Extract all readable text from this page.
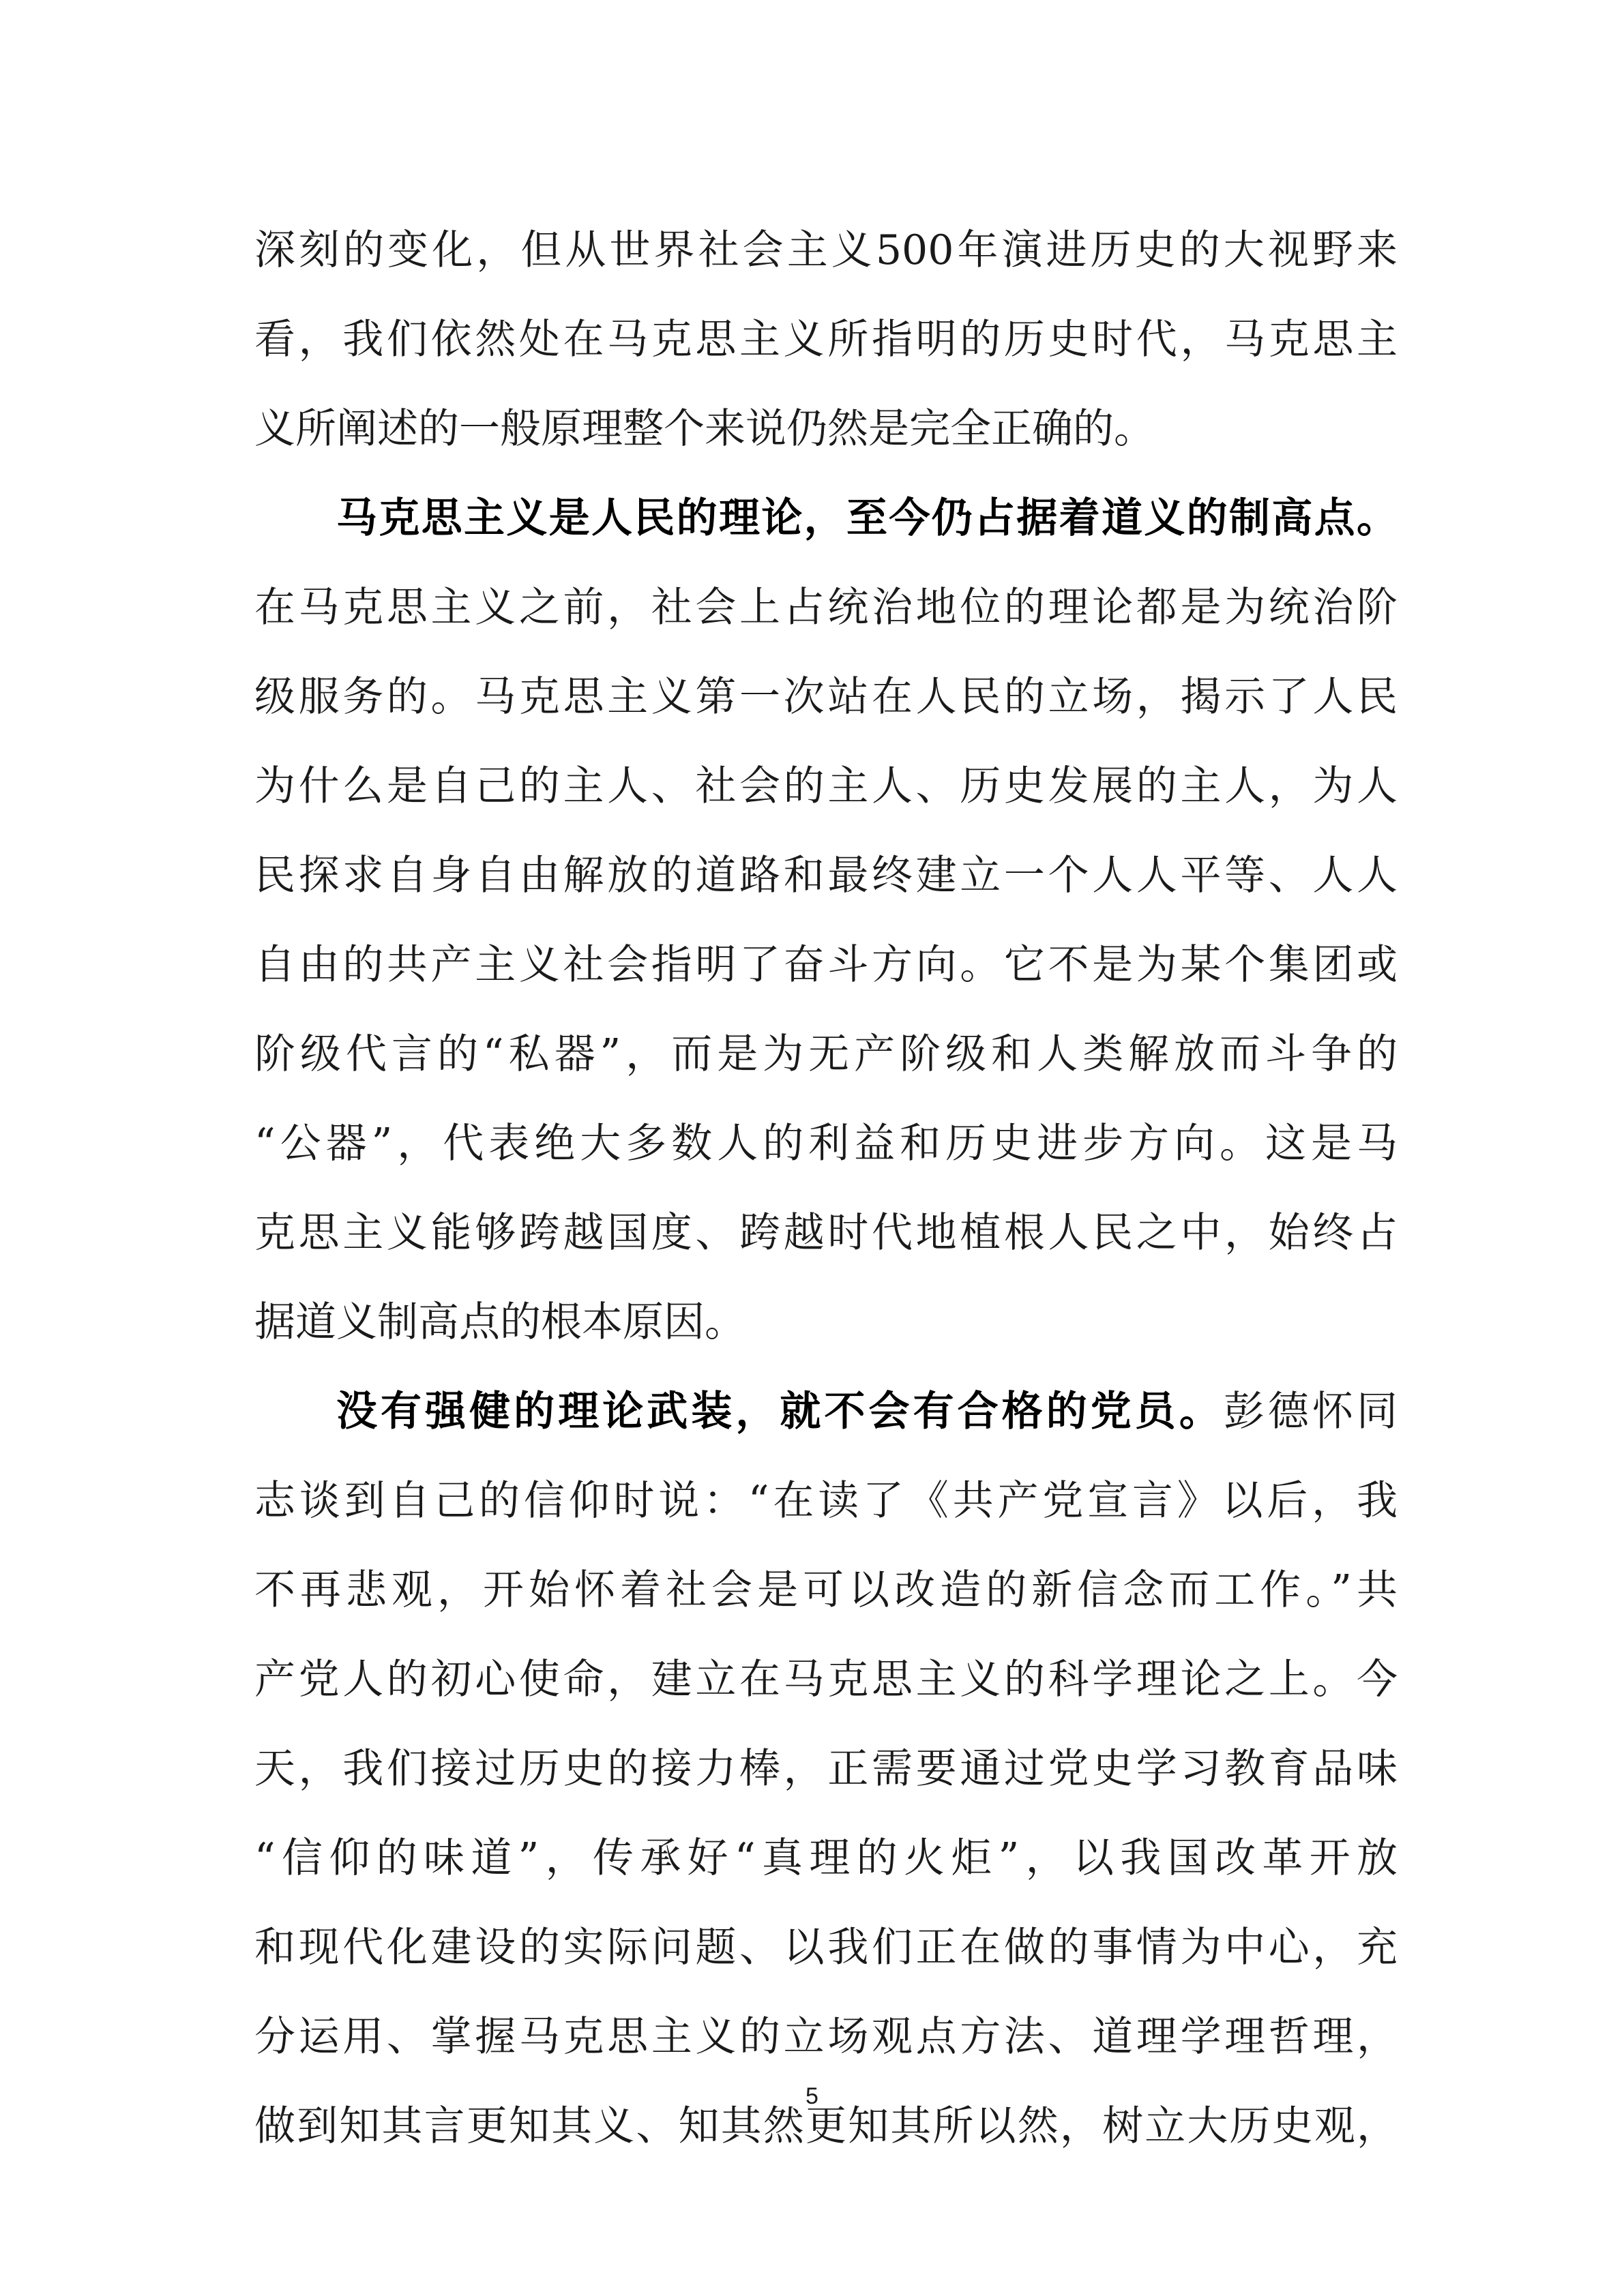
深刻的变化，但从世界社会主义500年演进历史的大视野来
看，我们依然处在马克思主义所指明的历史时代，马克思主
义所阐述的一般原理整个来说仍然是完全正确的。
马克思主义是人民的理论，至今仍占据着道义的制高点。
在马克思主义之前，社会上占统治地位的理论都是为统治阶
级服务的。马克思主义第一次站在人民的立场，揭示了人民
为什么是自己的主人、社会的主人、历史发展的主人，为人
民探求自身自由解放的道路和最终建立一个人人平等、人人
自由的共产主义社会指明了奋斗方向。它不是为某个集团或
阶级代言的“私器”，而是为无产阶级和人类解放而斗争的
“公器”，代表绝大多数人的利益和历史进步方向。这是马
克思主义能够跨越国度、跨越时代地植根人民之中，始终占
据道义制高点的根本原因。
没有强健的理论武装，就不会有合格的党员。彭德怀同
志谈到自己的信仰时说：“在读了《共产党宣言》以后，我
不再悲观，开始怀着社会是可以改造的新信念而工作。”共
产党人的初心使命，建立在马克思主义的科学理论之上。今
天，我们接过历史的接力棒，正需要通过党史学习教育品味
“信仰的味道”，传承好“真理的火炬”，以我国改革开放
和现代化建设的实际问题、以我们正在做的事情为中心，充
分运用、掌握马克思主义的立场观点方法、道理学理哲理，
做到知其言更知其义、知其然更知其所以然，树立大历史观，
5
